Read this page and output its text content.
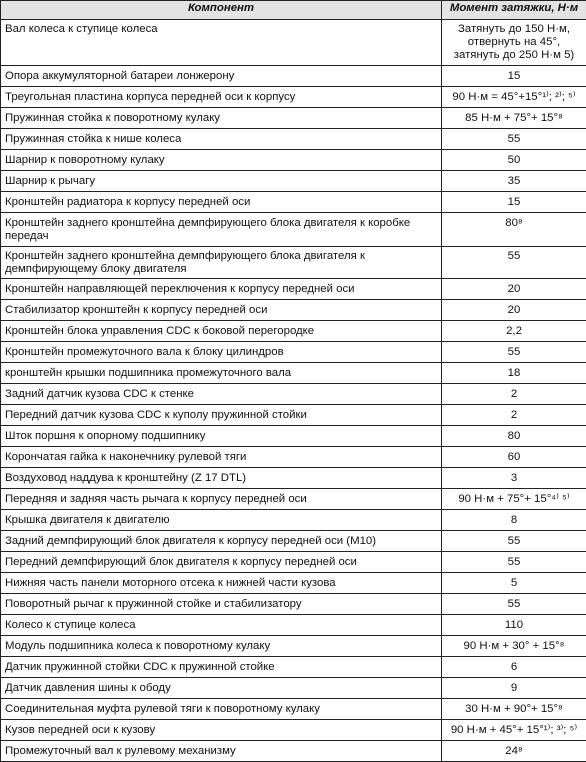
Компонент	Момент затяжки, Н·м
Вал колеса к ступице колеса	Затянуть до 150 Н·м, отвернуть на 45°, затянуть до 250 Н·м 5)
Опора аккумуляторной батареи лонжерону	15
Треугольная пластина корпуса передней оси к корпусу	90 Н·м = 45°+15°¹⁾; ²⁾; ⁵⁾
Пружинная стойка к поворотному кулаку	85 Н·м + 75°+ 15°⁸
Пружинная стойка к нише колеса	55
Шарнир к поворотному кулаку	50
Шарнир к рычагу	35
Кронштейн радиатора к корпусу передней оси	15
Кронштейн заднего кронштейна демпфирующего блока двигателя к коробке передач	80⁸
Кронштейн заднего кронштейна демпфирующего блока двигателя к демпфирующему блоку двигателя	55
Кронштейн направляющей переключения к корпусу передней оси	20
Стабилизатор кронштейн к корпусу передней оси	20
Кронштейн блока управления CDC к боковой перегородке	2,2
Кронштейн промежуточного вала к блоку цилиндров	55
кронштейн крышки подшипника промежуточного вала	18
Задний датчик кузова CDC к стенке	2
Передний датчик кузова CDC к куполу пружинной стойки	2
Шток поршня к опорному подшипнику	80
Корончатая гайка к наконечнику рулевой тяги	60
Воздуховод наддува к кронштейну (Z 17 DTL)	3
Передняя и задняя часть рычага к корпусу передней оси	90 Н·м + 75°+ 15°⁴⁾ ⁵⁾
Крышка двигателя к двигателю	8
Задний демпфирующий блок двигателя к корпусу передней оси (M10)	55
Передний демпфирующий блок двигателя к корпусу передней оси	55
Нижняя часть панели моторного отсека к нижней части кузова	5
Поворотный рычаг к пружинной стойке и стабилизатору	55
Колесо к ступице колеса	110
Модуль подшипника колеса к поворотному кулаку	90 Н·м + 30° + 15°⁸
Датчик пружинной стойки CDC к пружинной стойке	6
Датчик давления шины к ободу	9
Соединительная муфта рулевой тяги к поворотному кулаку	30 Н·м + 90°+ 15°⁸
Кузов передней оси к кузову	90 Н·м + 45°+ 15°¹⁾; ³⁾; ⁵⁾
Промежуточный вал к рулевому механизму	24⁸
